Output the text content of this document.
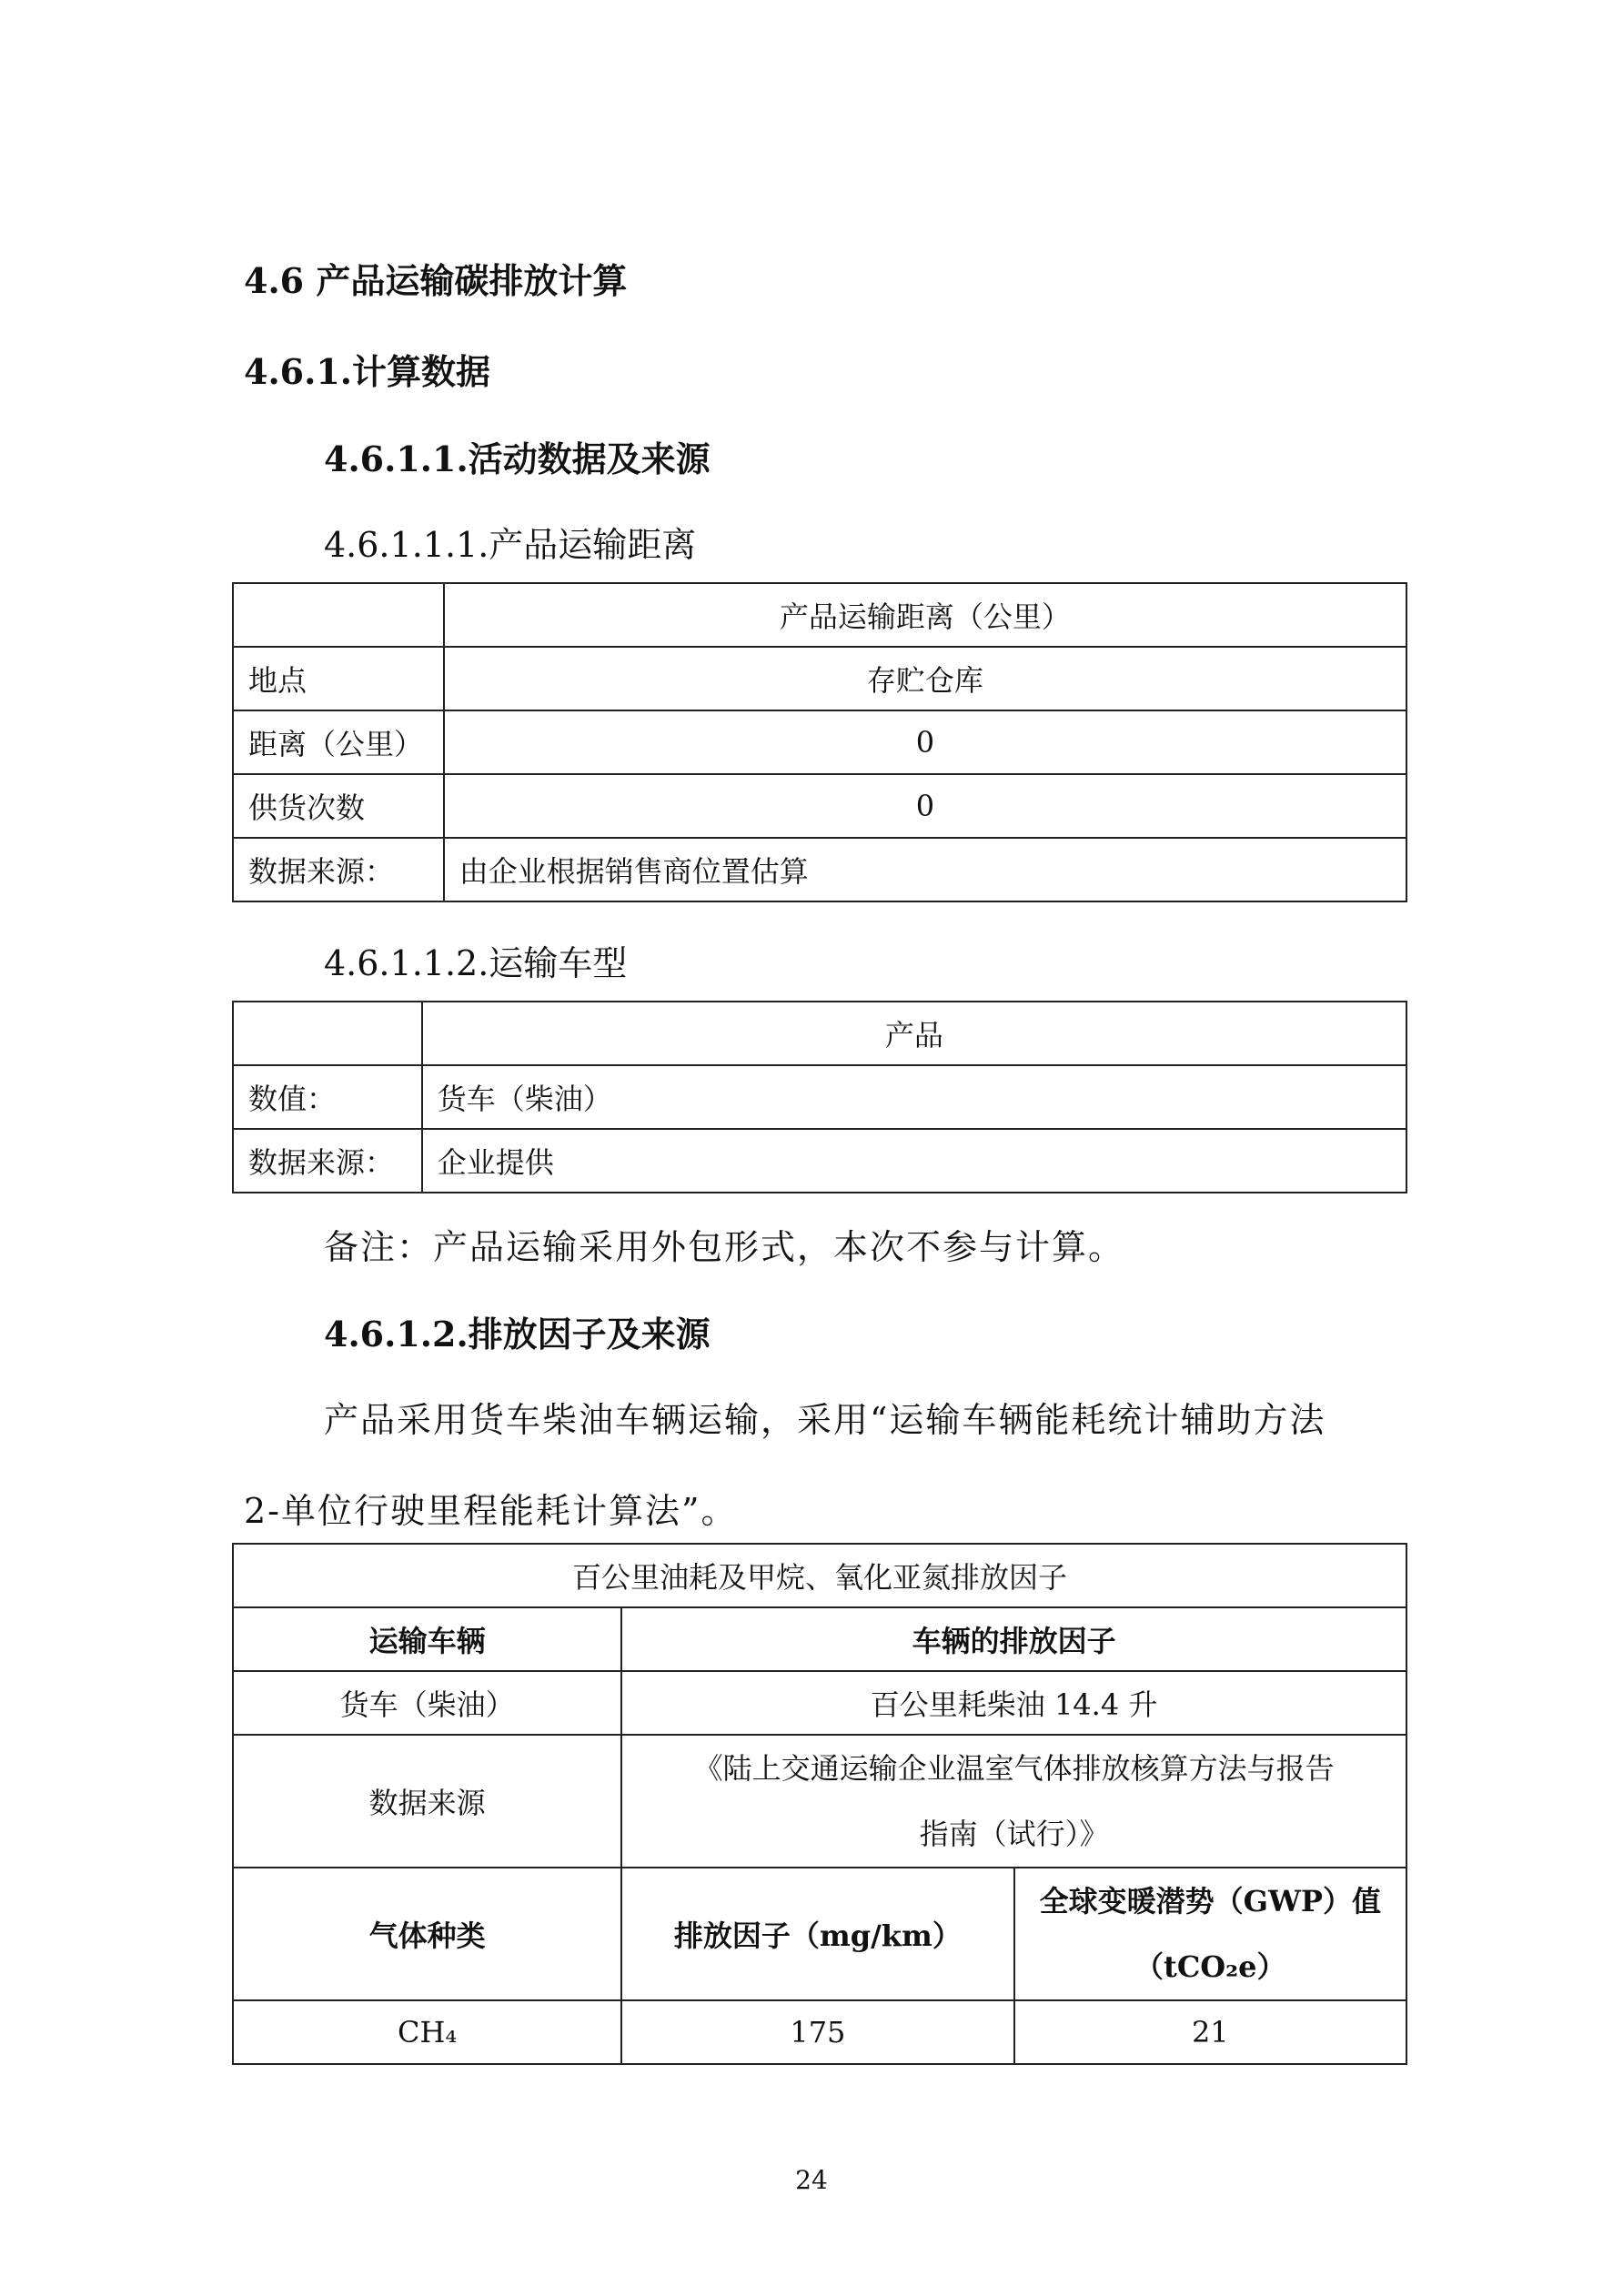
4.6 产品运输碳排放计算
4.6.1.计算数据
4.6.1.1.活动数据及来源
4.6.1.1.1.产品运输距离
	产品运输距离（公里）
地点	存贮仓库
距离（公里）	0
供货次数	0
数据来源：	由企业根据销售商位置估算
4.6.1.1.2.运输车型
	产品
数值：	货车（柴油）
数据来源：	企业提供
备注：产品运输采用外包形式，本次不参与计算。
4.6.1.2.排放因子及来源
产品采用货车柴油车辆运输，采用“运输车辆能耗统计辅助方法
2-单位行驶里程能耗计算法”。
百公里油耗及甲烷、氧化亚氮排放因子		
运输车辆	车辆的排放因子	
货车（柴油）	百公里耗柴油 14.4 升	
数据来源	《陆上交通运输企业温室气体排放核算方法与报告
指南（试行）》	

气体种类	排放因子（mg/km）	全球变暖潜势（GWP）值
（tCO₂e）

CH₄	175	21
24
